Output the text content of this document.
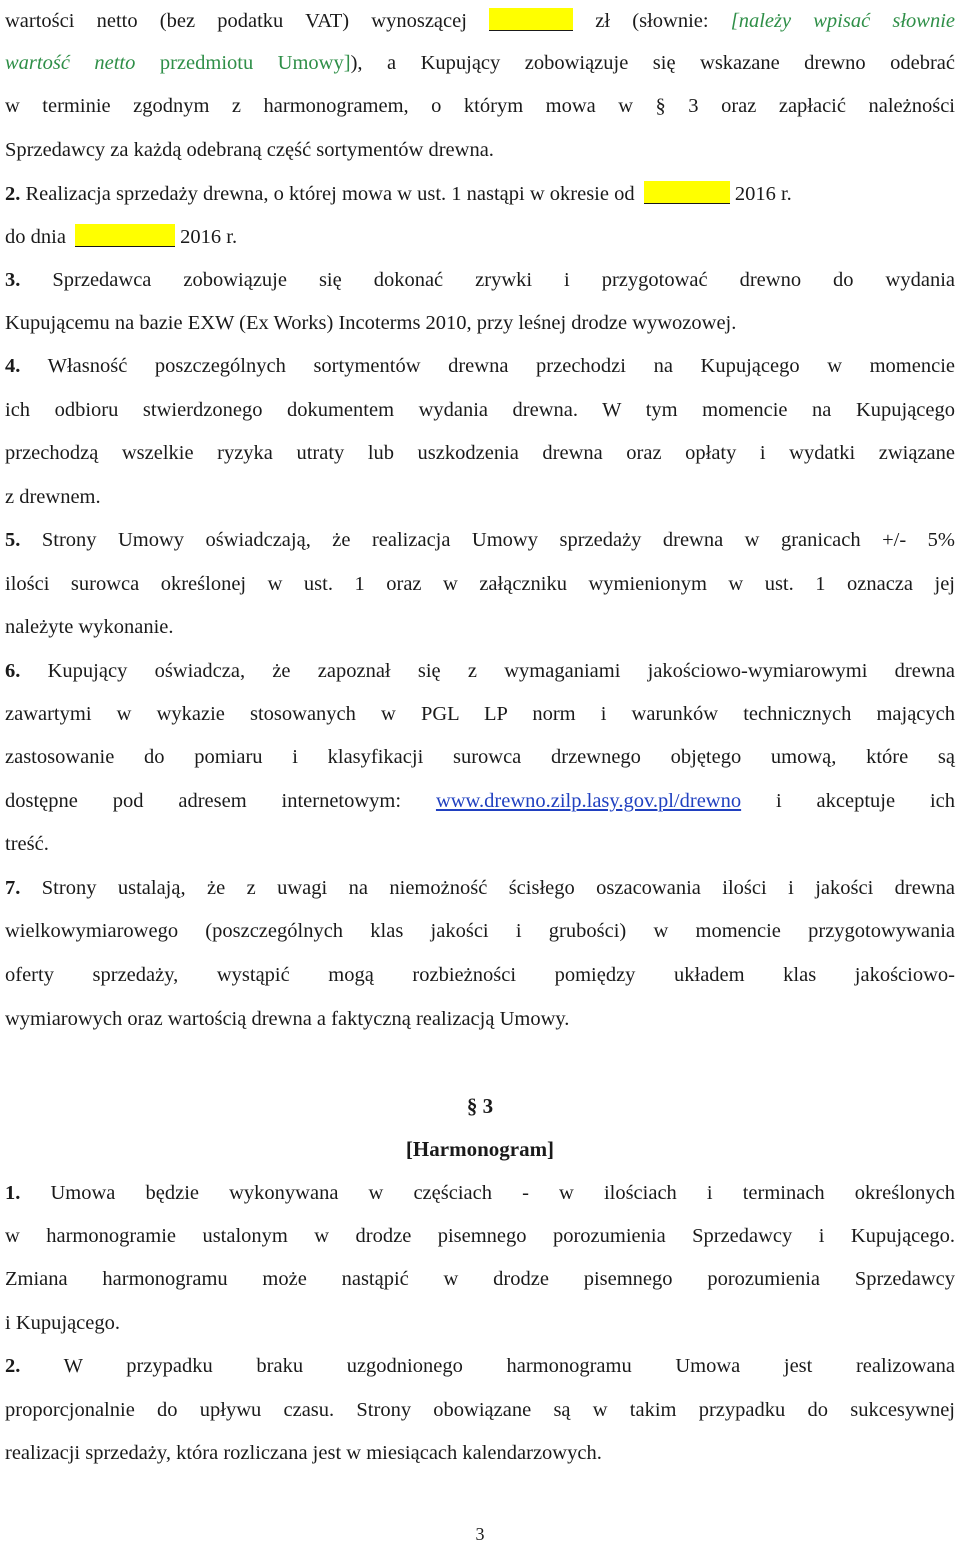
wartości netto (bez podatku VAT) wynoszącej	zł (słownie: [należy wpisać słownie
wartość netto przedmiotu Umowy]), a Kupujący zobowiązuje się wskazane drewno odebrać
w terminie zgodnym z harmonogramem, o którym mowa w § 3 oraz zapłacić należności
Sprzedawcy za każdą odebraną część sortymentów drewna.
2. Realizacja sprzedaży drewna, o której mowa w ust. 1 nastąpi w okresie od	2016 r.
do dnia	2016 r.
3. Sprzedawca zobowiązuje się dokonać zrywki i przygotować drewno do wydania
Kupującemu na bazie EXW (Ex Works) Incoterms 2010, przy leśnej drodze wywozowej.
4. Własność poszczególnych sortymentów drewna przechodzi na Kupującego w momencie
ich odbioru stwierdzonego dokumentem wydania drewna. W tym momencie na Kupującego
przechodzą wszelkie ryzyka utraty lub uszkodzenia drewna oraz opłaty i wydatki związane
z drewnem.
5. Strony Umowy oświadczają, że realizacja Umowy sprzedaży drewna w granicach +/- 5%
ilości surowca określonej w ust. 1 oraz w załączniku wymienionym w ust. 1 oznacza jej
należyte wykonanie.
6. Kupujący oświadcza, że zapoznał się z wymaganiami jakościowo-wymiarowymi drewna
zawartymi w wykazie stosowanych w PGL LP norm i warunków technicznych mających
zastosowanie do pomiaru i klasyfikacji surowca drzewnego objętego umową, które są
dostępne pod adresem internetowym: www.drewno.zilp.lasy.gov.pl/drewno i akceptuje ich
treść.
7. Strony ustalają, że z uwagi na niemożność ścisłego oszacowania ilości i jakości drewna
wielkowymiarowego (poszczególnych klas jakości i grubości) w momencie przygotowywania
oferty sprzedaży, wystąpić mogą rozbieżności pomiędzy układem klas jakościowo-
wymiarowych oraz wartością drewna a faktyczną realizacją Umowy.
§ 3
[Harmonogram]
1. Umowa będzie wykonywana w częściach - w ilościach i terminach określonych
w harmonogramie ustalonym w drodze pisemnego porozumienia Sprzedawcy i Kupującego.
Zmiana harmonogramu może nastąpić w drodze pisemnego porozumienia Sprzedawcy
i Kupującego.
2. W przypadku braku uzgodnionego harmonogramu Umowa jest realizowana
proporcjonalnie do upływu czasu. Strony obowiązane są w takim przypadku do sukcesywnej
realizacji sprzedaży, która rozliczana jest w miesiącach kalendarzowych.
3
